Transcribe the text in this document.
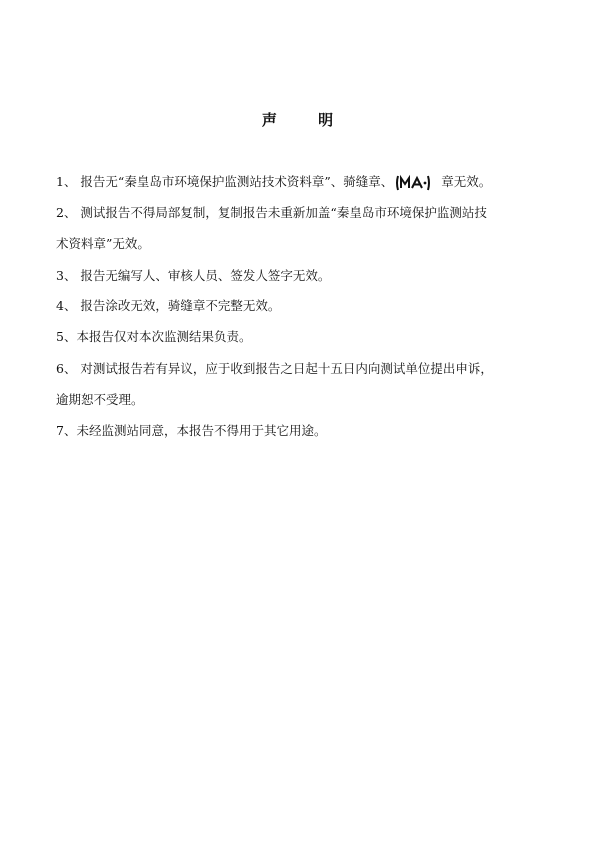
声 明
1、 报告无“秦皇岛市环境保护监测站技术资料章”、骑缝章、	章无效。
2、 测试报告不得局部复制，复制报告未重新加盖“秦皇岛市环境保护监测站技
术资料章”无效。
3、 报告无编写人、审核人员、签发人签字无效。
4、 报告涂改无效，骑缝章不完整无效。
5、本报告仅对本次监测结果负责。
6、 对测试报告若有异议，应于收到报告之日起十五日内向测试单位提出申诉，
逾期恕不受理。
7、未经监测站同意，本报告不得用于其它用途。
